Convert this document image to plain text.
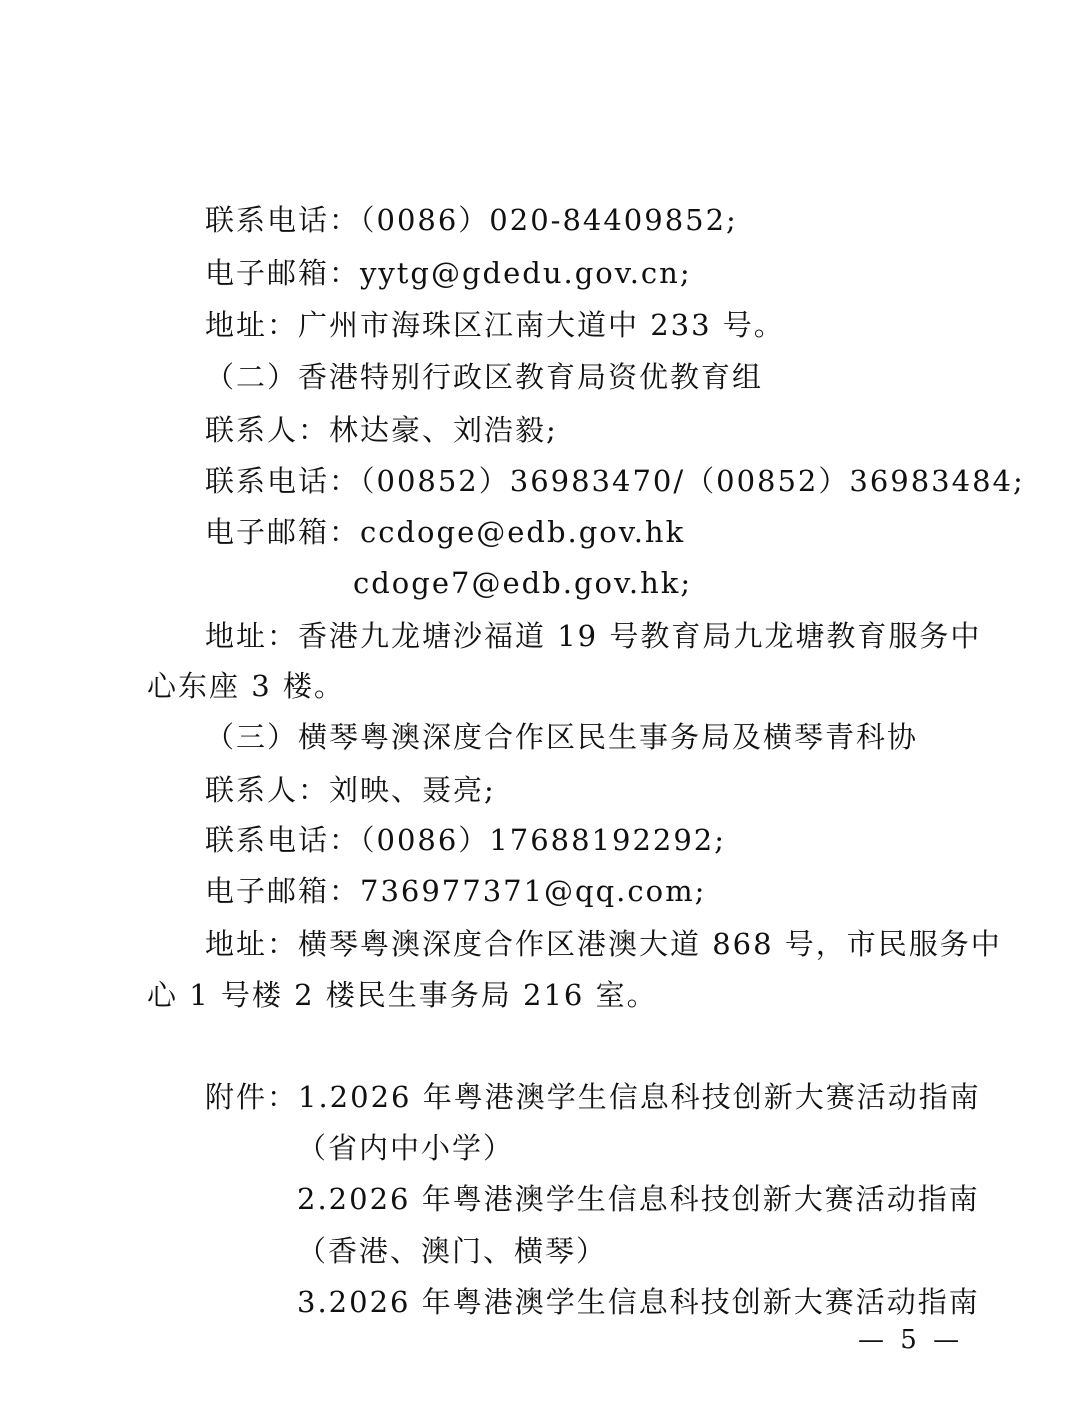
联系电话：（0086）020-84409852;
电子邮箱：yytg@gdedu.gov.cn;
地址：广州市海珠区江南大道中 233 号。
（二）香港特别行政区教育局资优教育组
联系人：林达豪、刘浩毅;
联系电话：（00852）36983470/（00852）36983484;
电子邮箱：ccdoge@edb.gov.hk
cdoge7@edb.gov.hk;
地址：香港九龙塘沙福道 19 号教育局九龙塘教育服务中
心东座 3 楼。
（三）横琴粤澳深度合作区民生事务局及横琴青科协
联系人：刘映、聂亮;
联系电话：（0086）17688192292;
电子邮箱：736977371@qq.com;
地址：横琴粤澳深度合作区港澳大道 868 号，市民服务中
心 1 号楼 2 楼民生事务局 216 室。
附件：1.2026 年粤港澳学生信息科技创新大赛活动指南
（省内中小学）
2.2026 年粤港澳学生信息科技创新大赛活动指南
（香港、澳门、横琴）
3.2026 年粤港澳学生信息科技创新大赛活动指南
— 5 —
